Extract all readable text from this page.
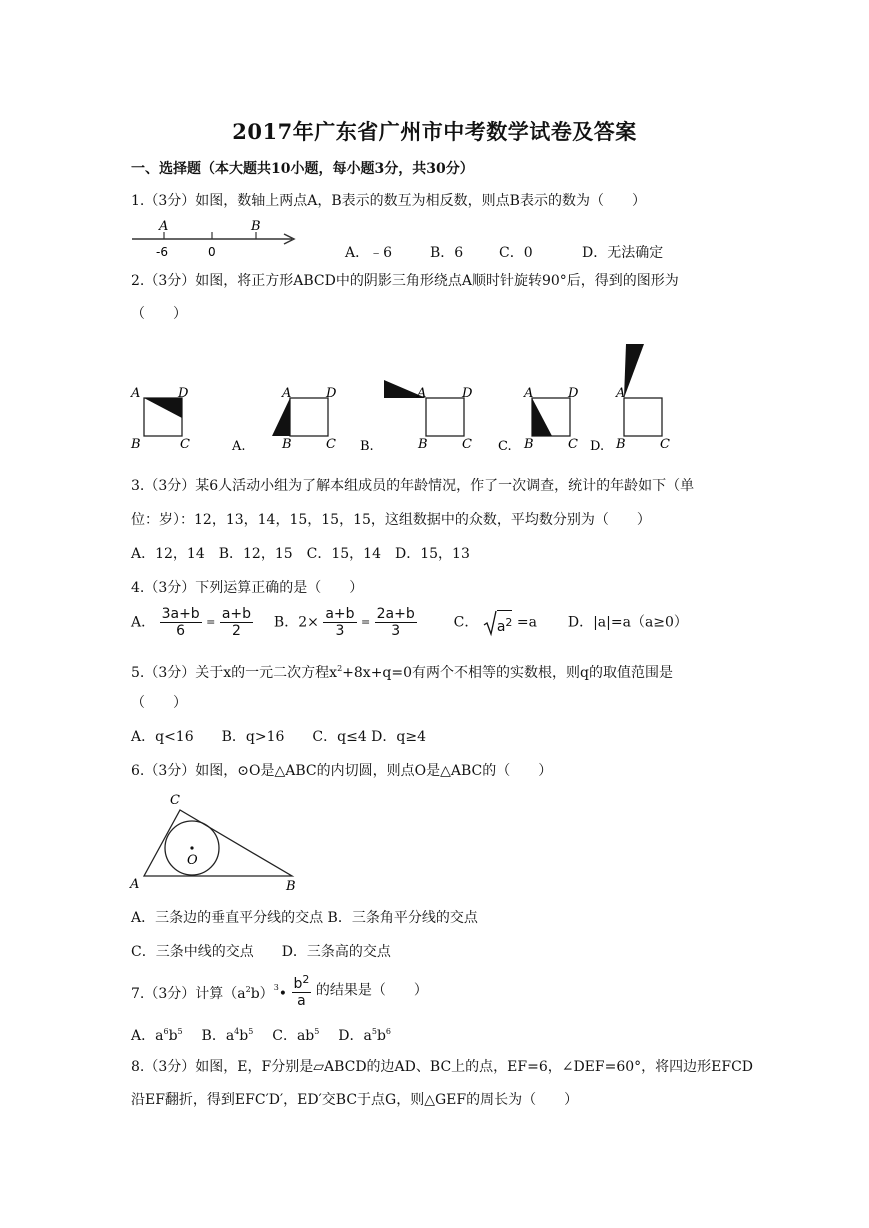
2017年广东省广州市中考数学试卷及答案
一、选择题（本大题共10小题，每小题3分，共30分）
1.（3分）如图，数轴上两点A，B表示的数互为相反数，则点B表示的数为（　　）
A	B
-6	0	A．﹣6	B．6	C．0	D．无法确定
2.（3分）如图，将正方形ABCD中的阴影三角形绕点A顺时针旋转90°后，得到的图形为
（　　）
A	D
B	C
A	D
B	C
A.
A	D
B	C
B.
A	D
B	C
C.
A
B	C
D.
3.（3分）某6人活动小组为了解本组成员的年龄情况，作了一次调查，统计的年龄如下（单
位：岁）：12，13，14，15，15，15，这组数据中的众数，平均数分别为（　　）
A．12，14　B．12，15　C．15，14　D．15，13
4.（3分）下列运算正确的是（　　）
A． $\frac{3a+b}{6} = \frac{a+b}{2}$ B．$2\times \frac{a+b}{3} = \frac{2a+b}{3}$	C． $a^2 =a$ D．|a|=a（a≥0）
5.（3分）关于x的一元二次方程$x^2+8x+q=0$有两个不相等的实数根，则q的取值范围是
（　　）
A．q<16　　B．q>16　　C．q≤4 D．q≥4
6.（3分）如图，⊙O是△ABC的内切圆，则点O是△ABC的（　　）
C
A	B
O
A．三条边的垂直平分线的交点 B．三条角平分线的交点
C．三条中线的交点　　D．三条高的交点
7.（3分）计算$(a^2b)^3• \frac{b^2}{a}$ 的结果是（　　）
A．$a^6b^5$ B．$a^4b^5$ C．$ab^5$ D．$a^5b^6$
8.（3分）如图，E，F分别是▱ABCD的边AD、BC上的点，EF=6，∠DEF=60°，将四边形EFCD
沿EF翻折，得到EFC′D′，ED′交BC于点G，则△GEF的周长为（　　）
